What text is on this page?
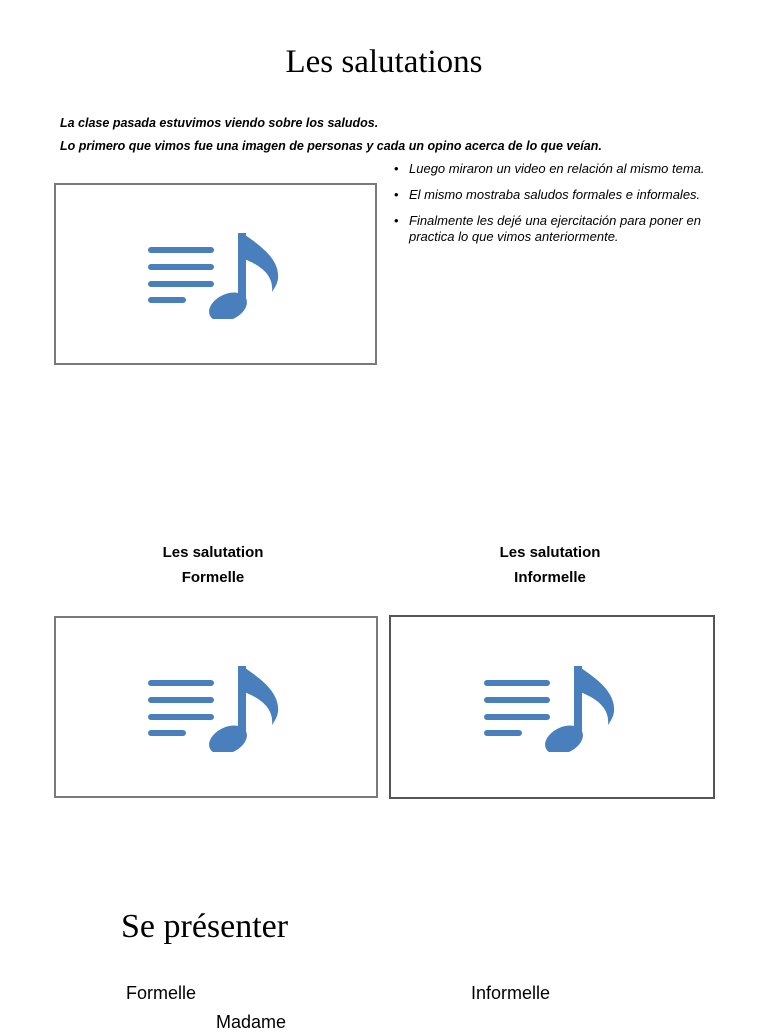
Les salutations
La clase pasada estuvimos viendo sobre los saludos.
Lo primero que vimos fue una imagen de personas y cada un opino acerca de lo que veían.
• Luego miraron un video en relación al mismo tema.
• El mismo mostraba saludos formales e informales.
• Finalmente les dejé una ejercitación para poner en practica lo que vimos anteriormente.
Les salutation
Formelle
Les salutation
Informelle
Se présenter
Formelle	Informelle
Madame
